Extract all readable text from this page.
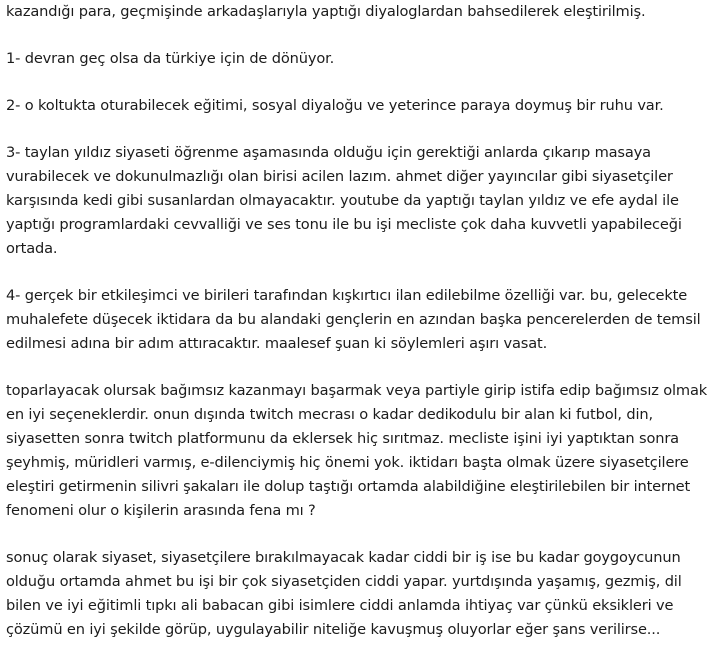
kazandığı para, geçmişinde arkadaşlarıyla yaptığı diyaloglardan bahsedilerek eleştirilmiş.
1- devran geç olsa da türkiye için de dönüyor.
2- o koltukta oturabilecek eğitimi, sosyal diyaloğu ve yeterince paraya doymuş bir ruhu var.
3- taylan yıldız siyaseti öğrenme aşamasında olduğu için gerektiği anlarda çıkarıp masaya
vurabilecek ve dokunulmazlığı olan birisi acilen lazım. ahmet diğer yayıncılar gibi siyasetçiler
karşısında kedi gibi susanlardan olmayacaktır. youtube da yaptığı taylan yıldız ve efe aydal ile
yaptığı programlardaki cevvalliği ve ses tonu ile bu işi mecliste çok daha kuvvetli yapabileceği
ortada.
4- gerçek bir etkileşimci ve birileri tarafından kışkırtıcı ilan edilebilme özelliği var. bu, gelecekte
muhalefete düşecek iktidara da bu alandaki gençlerin en azından başka pencerelerden de temsil
edilmesi adına bir adım attıracaktır. maalesef şuan ki söylemleri aşırı vasat.
toparlayacak olursak bağımsız kazanmayı başarmak veya partiyle girip istifa edip bağımsız olmak
en iyi seçeneklerdir. onun dışında twitch mecrası o kadar dedikodulu bir alan ki futbol, din,
siyasetten sonra twitch platformunu da eklersek hiç sırıtmaz. mecliste işini iyi yaptıktan sonra
şeyhmiş, müridleri varmış, e-dilenciymiş hiç önemi yok. iktidarı başta olmak üzere siyasetçilere
eleştiri getirmenin silivri şakaları ile dolup taştığı ortamda alabildiğine eleştirilebilen bir internet
fenomeni olur o kişilerin arasında fena mı ?
sonuç olarak siyaset, siyasetçilere bırakılmayacak kadar ciddi bir iş ise bu kadar goygoycunun
olduğu ortamda ahmet bu işi bir çok siyasetçiden ciddi yapar. yurtdışında yaşamış, gezmiş, dil
bilen ve iyi eğitimli tıpkı ali babacan gibi isimlere ciddi anlamda ihtiyaç var çünkü eksikleri ve
çözümü en iyi şekilde görüp, uygulayabilir niteliğe kavuşmuş oluyorlar eğer şans verilirse...
